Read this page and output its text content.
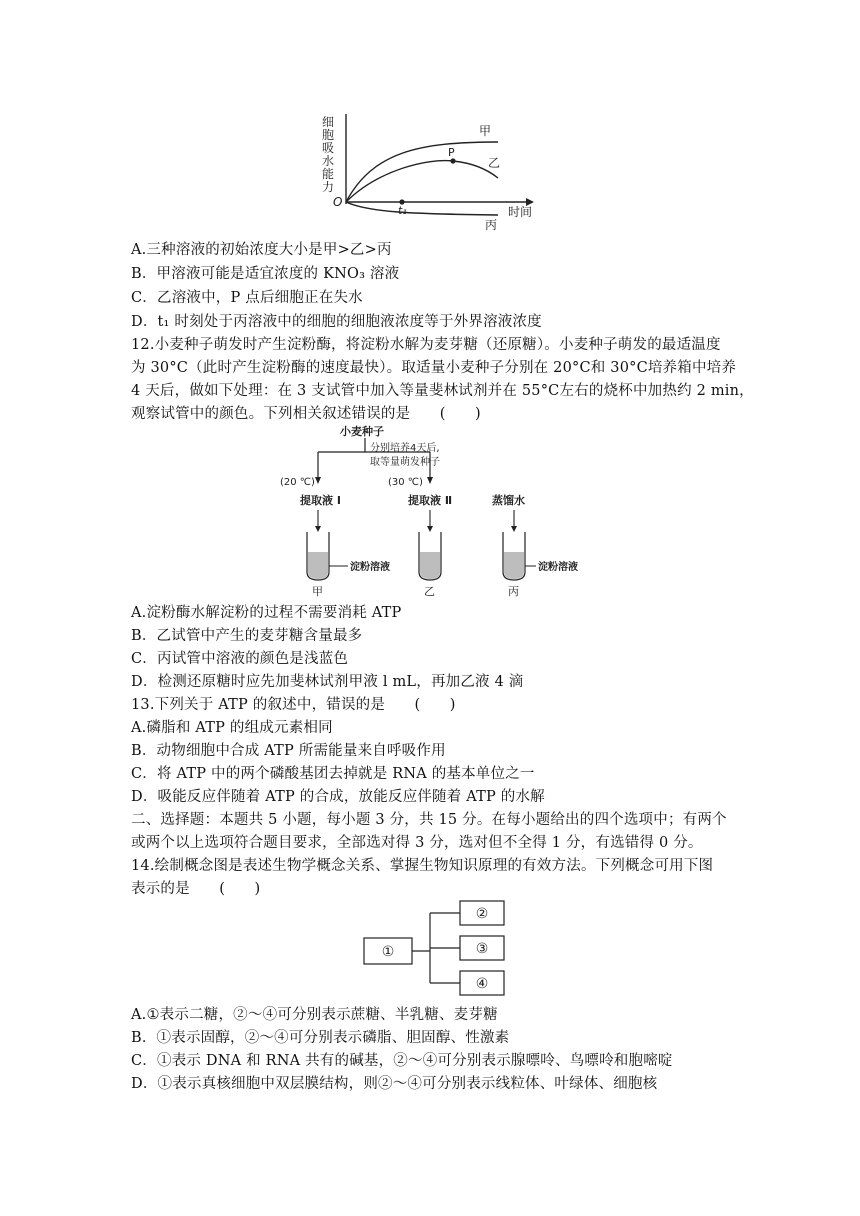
细
胞
吸
水
能
力
O
时间
甲
P
乙
丙
t₁
A.三种溶液的初始浓度大小是甲>乙>丙
B．甲溶液可能是适宜浓度的 KNO₃ 溶液
C．乙溶液中，P 点后细胞正在失水
D．t₁ 时刻处于丙溶液中的细胞的细胞液浓度等于外界溶液浓度
12.小麦种子萌发时产生淀粉酶，将淀粉水解为麦芽糖（还原糖）。小麦种子萌发的最适温度
为 30°C（此时产生淀粉酶的速度最快）。取适量小麦种子分别在 20°C和 30°C培养箱中培养
4 天后，做如下处理：在 3 支试管中加入等量斐林试剂并在 55°C左右的烧杯中加热约 2 min，
观察试管中的颜色。下列相关叙述错误的是　　(　　)
小麦种子
分别培养4天后,
取等量萌发种子
(20 ℃)	(30 ℃)
提取液 I	提取液 Ⅱ	蒸馏水
淀粉溶液	淀粉溶液
甲	乙	丙
A.淀粉酶水解淀粉的过程不需要消耗 ATP
B．乙试管中产生的麦芽糖含量最多
C．丙试管中溶液的颜色是浅蓝色
D．检测还原糖时应先加斐林试剂甲液 l mL，再加乙液 4 滴
13.下列关于 ATP 的叙述中，错误的是　　(　　)
A.磷脂和 ATP 的组成元素相同
B．动物细胞中合成 ATP 所需能量来自呼吸作用
C．将 ATP 中的两个磷酸基团去掉就是 RNA 的基本单位之一
D．吸能反应伴随着 ATP 的合成，放能反应伴随着 ATP 的水解
二、选择题：本题共 5 小题，每小题 3 分，共 15 分。在每小题给出的四个选项中；有两个
或两个以上选项符合题目要求，全部选对得 3 分，选对但不全得 1 分，有选错得 0 分。
14.绘制概念图是表述生物学概念关系、掌握生物知识原理的有效方法。下列概念可用下图
表示的是　　(　　)
①
②
③
④
A.①表示二糖，②～④可分别表示蔗糖、半乳糖、麦芽糖
B．①表示固醇，②～④可分别表示磷脂、胆固醇、性激素
C．①表示 DNA 和 RNA 共有的碱基，②～④可分别表示腺嘌呤、鸟嘌呤和胞嘧啶
D．①表示真核细胞中双层膜结构，则②～④可分别表示线粒体、叶绿体、细胞核
